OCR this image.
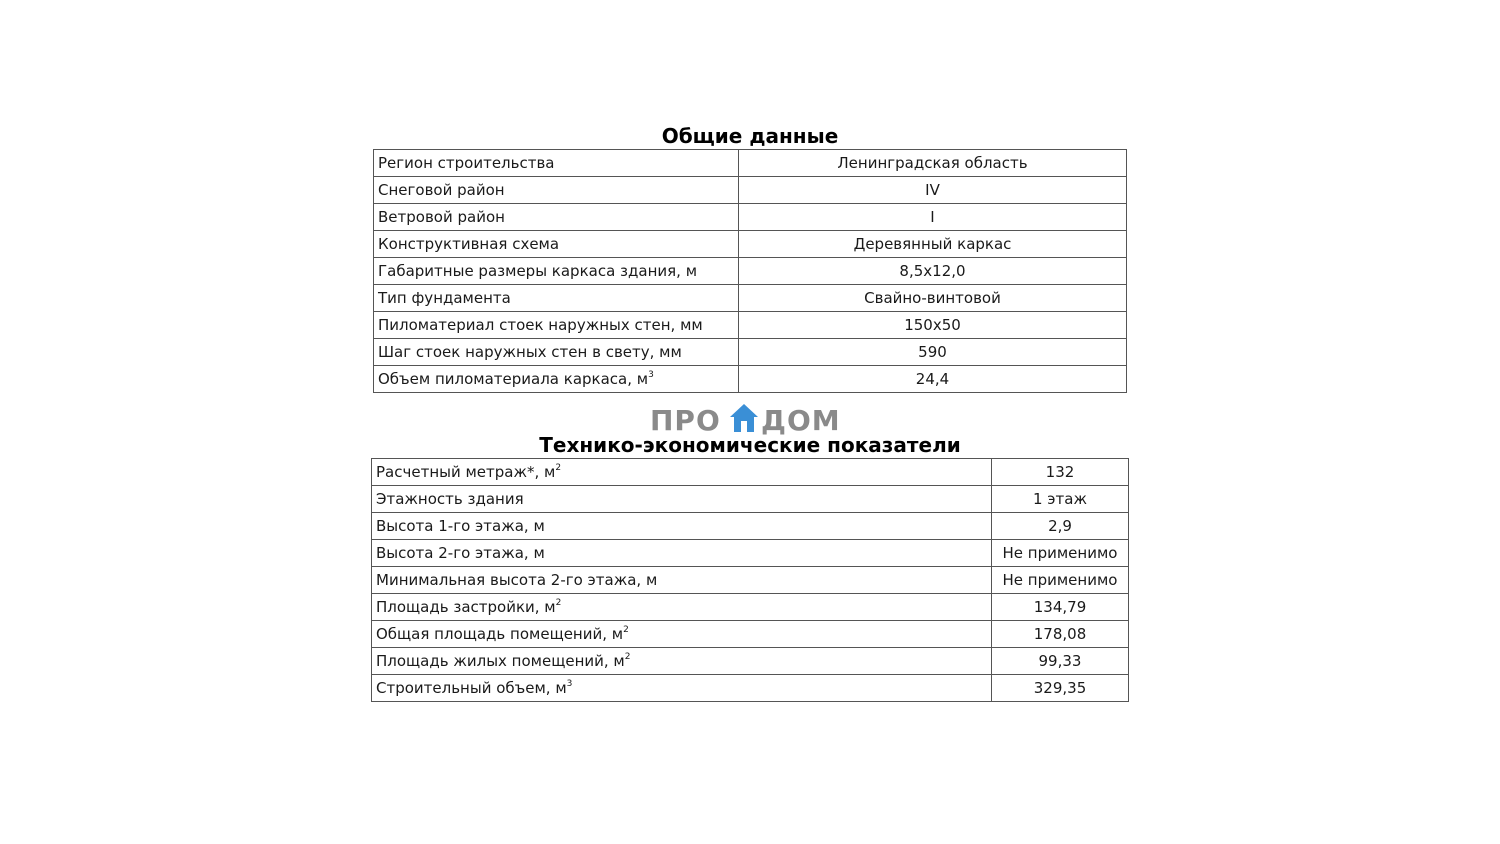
Общие данные
Регион строительства	Ленинградская область
Снеговой район	IV
Ветровой район	I
Конструктивная схема	Деревянный каркас
Габаритные размеры каркаса здания, м	8,5x12,0
Тип фундамента	Свайно-винтовой
Пиломатериал стоек наружных стен, мм	150x50
Шаг стоек наружных стен в свету, мм	590
Объем пиломатериала каркаса, $м^3$	24,4
ПРО ДОМ
Технико-экономические показатели
Расчетный метраж*, $м^2$	132
Этажность здания	1 этаж
Высота 1-го этажа, м	2,9
Высота 2-го этажа, м	Не применимо
Минимальная высота 2-го этажа, м	Не применимо
Площадь застройки, $м^2$	134,79
Общая площадь помещений, $м^2$	178,08
Площадь жилых помещений, $м^2$	99,33
Строительный объем, $м^3$	329,35
